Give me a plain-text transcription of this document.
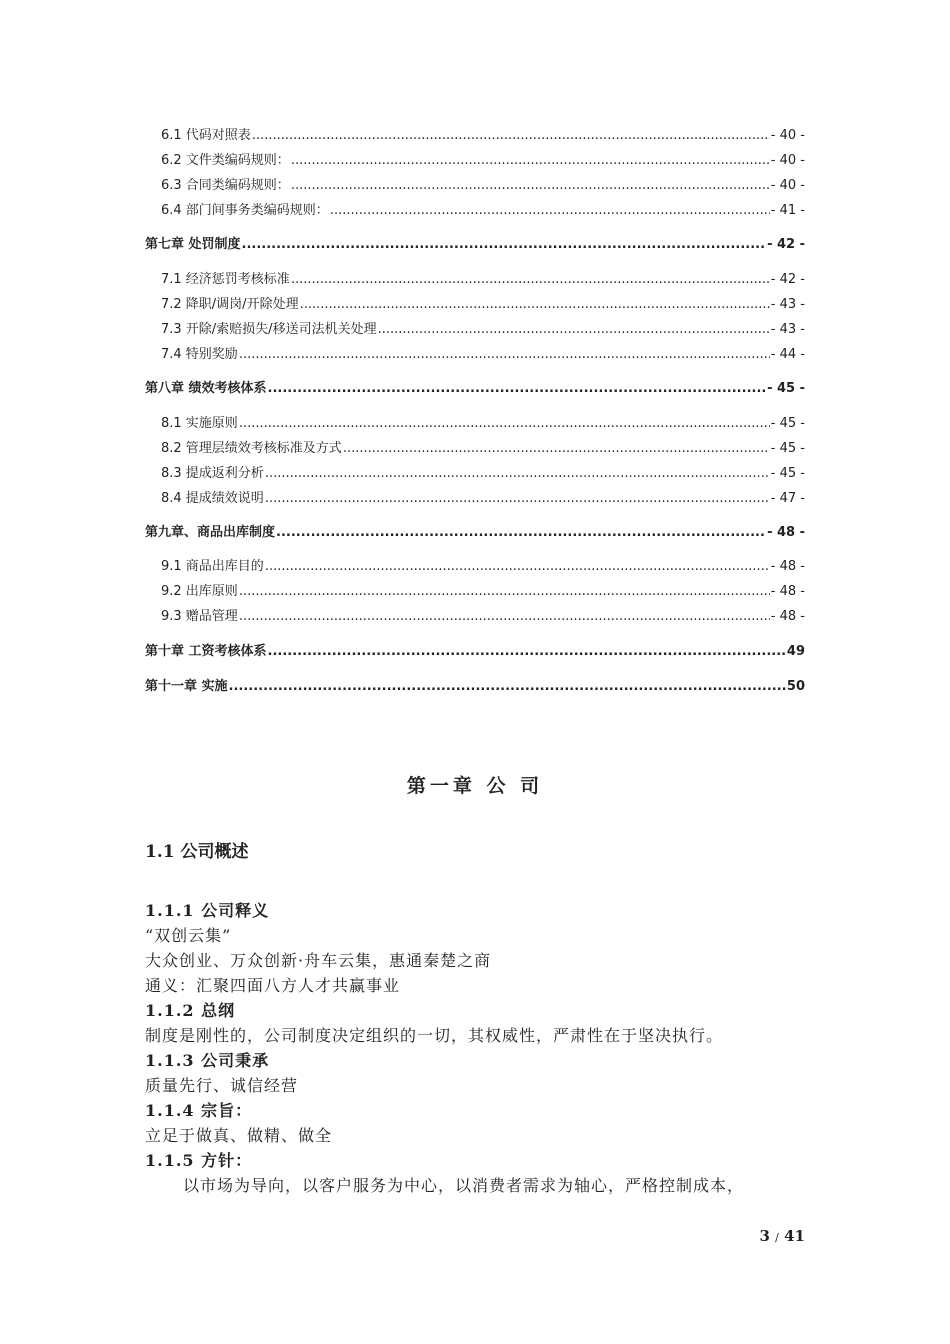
6.1 代码对照表 .....	- 40 -
6.2 文件类编码规则： .....	- 40 -
6.3 合同类编码规则： .....	- 40 -
6.4 部门间事务类编码规则： .....	- 41 -
第七章 处罚制度 .....	- 42 -
7.1 经济惩罚考核标准 .....	- 42 -
7.2 降职/调岗/开除处理 .....	- 43 -
7.3 开除/索赔损失/移送司法机关处理 .....	- 43 -
7.4 特别奖励 .....	- 44 -
第八章 绩效考核体系 .....	- 45 -
8.1 实施原则 .....	- 45 -
8.2 管理层绩效考核标准及方式 .....	- 45 -
8.3 提成返利分析 .....	- 45 -
8.4 提成绩效说明 .....	- 47 -
第九章、商品出库制度 .....	- 48 -
9.1 商品出库目的 .....	- 48 -
9.2 出库原则 .....	- 48 -
9.3 赠品管理 .....	- 48 -
第十章 工资考核体系 .....	49
第十一章 实施 .....	50
第一章 公 司
1.1 公司概述
1.1.1 公司释义
“双创云集”
大众创业、万众创新·舟车云集，惠通秦楚之商
通义：汇聚四面八方人才共赢事业
1.1.2 总纲
制度是刚性的，公司制度决定组织的一切，其权威性，严肃性在于坚决执行。
1.1.3 公司秉承
质量先行、诚信经营
1.1.4 宗旨：
立足于做真、做精、做全
1.1.5 方针：
以市场为导向，以客户服务为中心，以消费者需求为轴心，严格控制成本，
3 / 41
